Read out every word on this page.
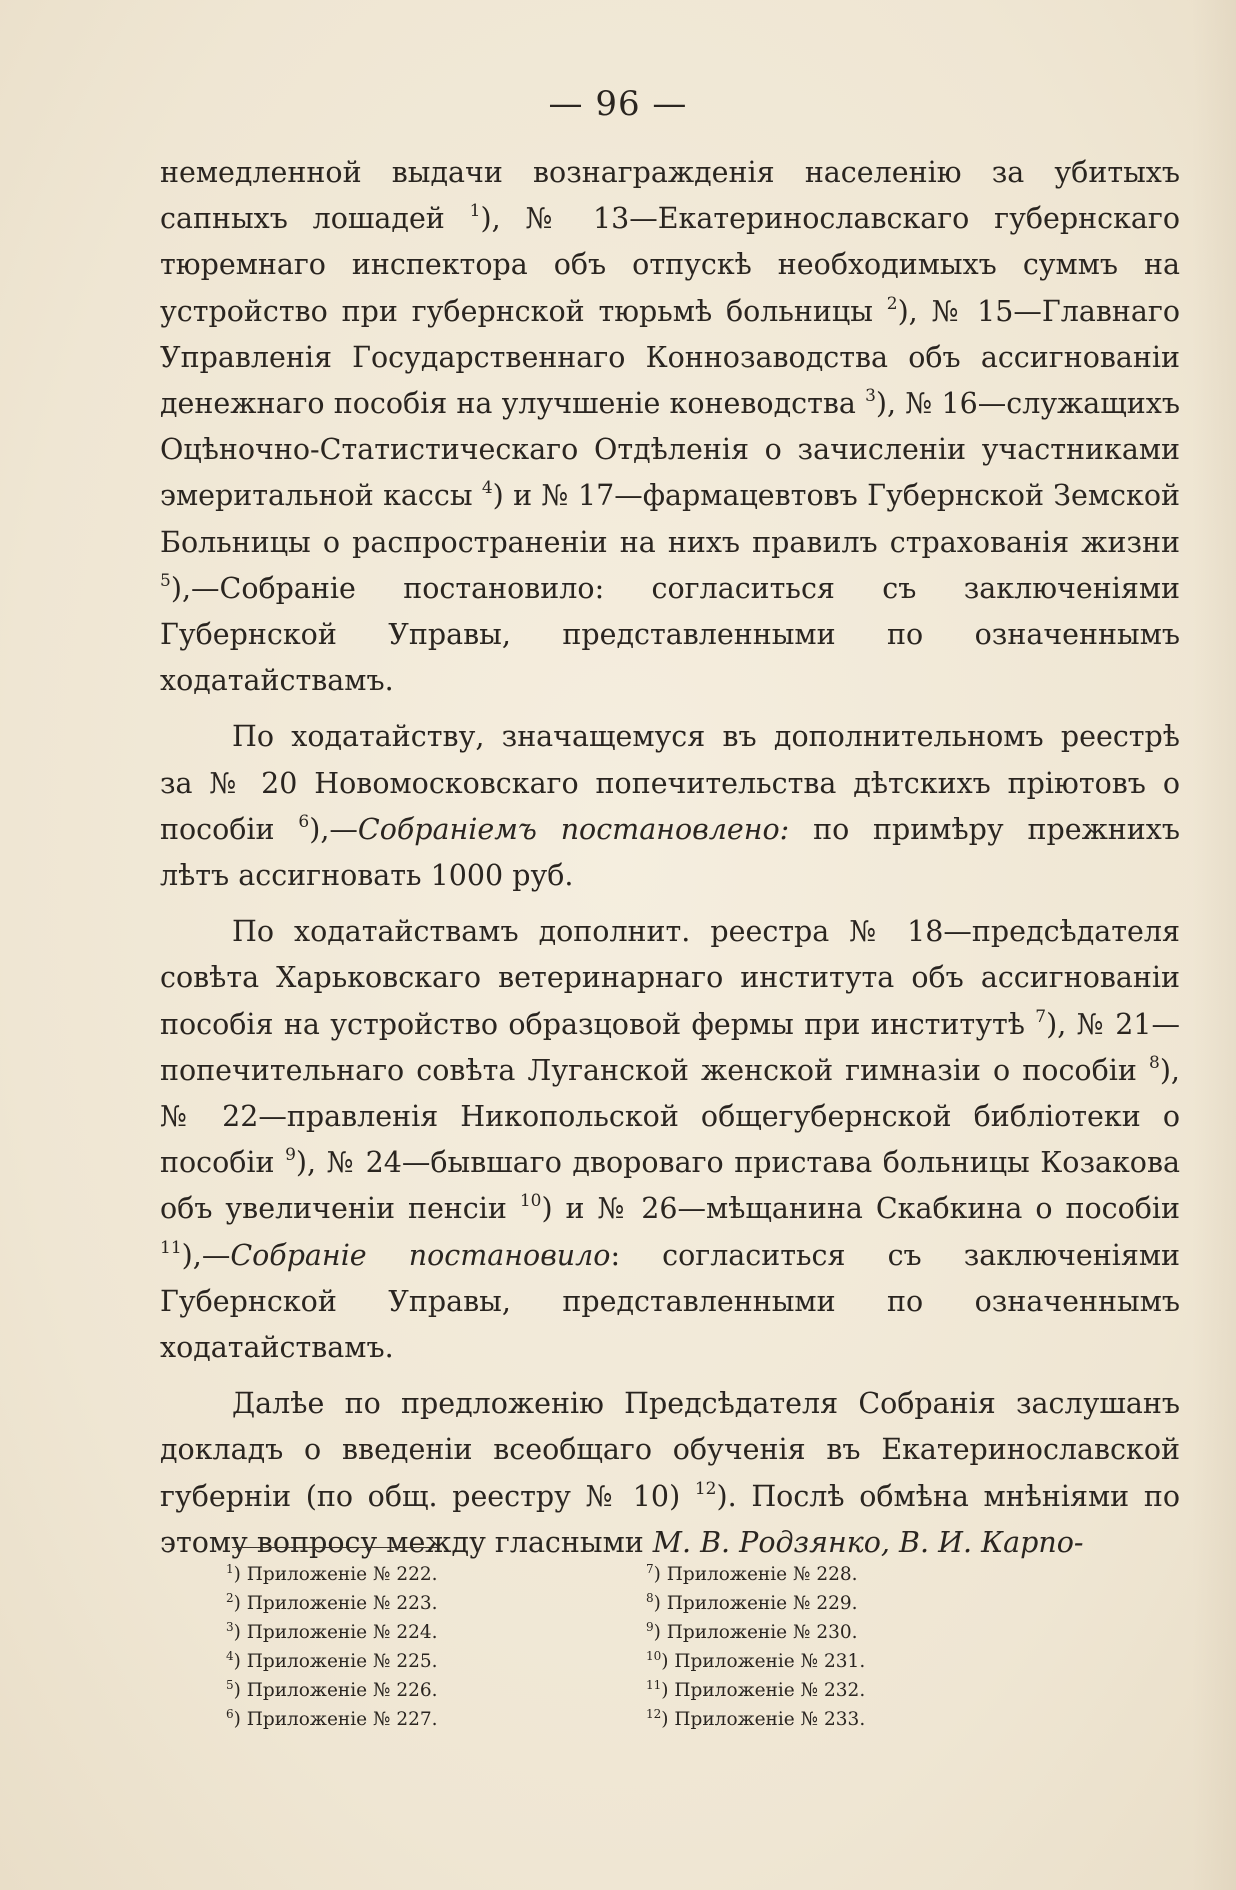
— 96 —

немедленной выдачи вознагражденія населенію за убитыхъ сапныхъ лошадей $^1$), № 13—Екатеринославскаго губернскаго тюремнаго инспектора объ отпускѣ необходимыхъ суммъ на устройство при губернской тюрьмѣ больницы $^2$), № 15—Главнаго Управленія Государственнаго Коннозаводства объ ассигнованіи денежнаго пособія на улучшеніе коневодства $^3$), № 16—служащихъ Оцѣночно-Статистическаго Отдѣленія о зачисленіи участниками эмеритальной кассы $^4$) и № 17—фармацевтовъ Губернской Земской Больницы о распространеніи на нихъ правилъ страхованія жизни $^5$),—Собраніе постановило: согласиться съ заключеніями Губернской Управы, представленными по означеннымъ ходатайствамъ.

По ходатайству, значащемуся въ дополнительномъ реестрѣ за № 20 Новомосковскаго попечительства дѣтскихъ пріютовъ о пособіи $^6$),—Собраніемъ постановлено: по примѣру прежнихъ лѣтъ ассигновать 1000 руб.

По ходатайствамъ дополнит. реестра № 18—предсѣдателя совѣта Харьковскаго ветеринарнаго института объ ассигнованіи пособія на устройство образцовой фермы при институтѣ $^7$), № 21—попечительнаго совѣта Луганской женской гимназіи о пособіи $^8$), № 22—правленія Никопольской общегубернской библіотеки о пособіи $^9$), № 24—бывшаго двороваго пристава больницы Козакова объ увеличеніи пенсіи $^{10}$) и № 26—мѣщанина Скабкина о пособіи $^{11}$),—Собраніе постановило: согласиться съ заключеніями Губернской Управы, представленными по означеннымъ ходатайствамъ.

Далѣе по предложенію Предсѣдателя Собранія заслушанъ докладъ о введеніи всеобщаго обученія въ Екатеринославской губерніи (по общ. реестру № 10) $^{12}$). Послѣ обмѣна мнѣніями по этому вопросу между гласными М. В. Родзянко, В. И. Карпо-

$^1$) Приложеніе № 222.
$^2$) Приложеніе № 223.
$^3$) Приложеніе № 224.
$^4$) Приложеніе № 225.
$^5$) Приложеніе № 226.
$^6$) Приложеніе № 227.
$^7$) Приложеніе № 228.
$^8$) Приложеніе № 229.
$^9$) Приложеніе № 230.
$^{10}$) Приложеніе № 231.
$^{11}$) Приложеніе № 232.
$^{12}$) Приложеніе № 233.
